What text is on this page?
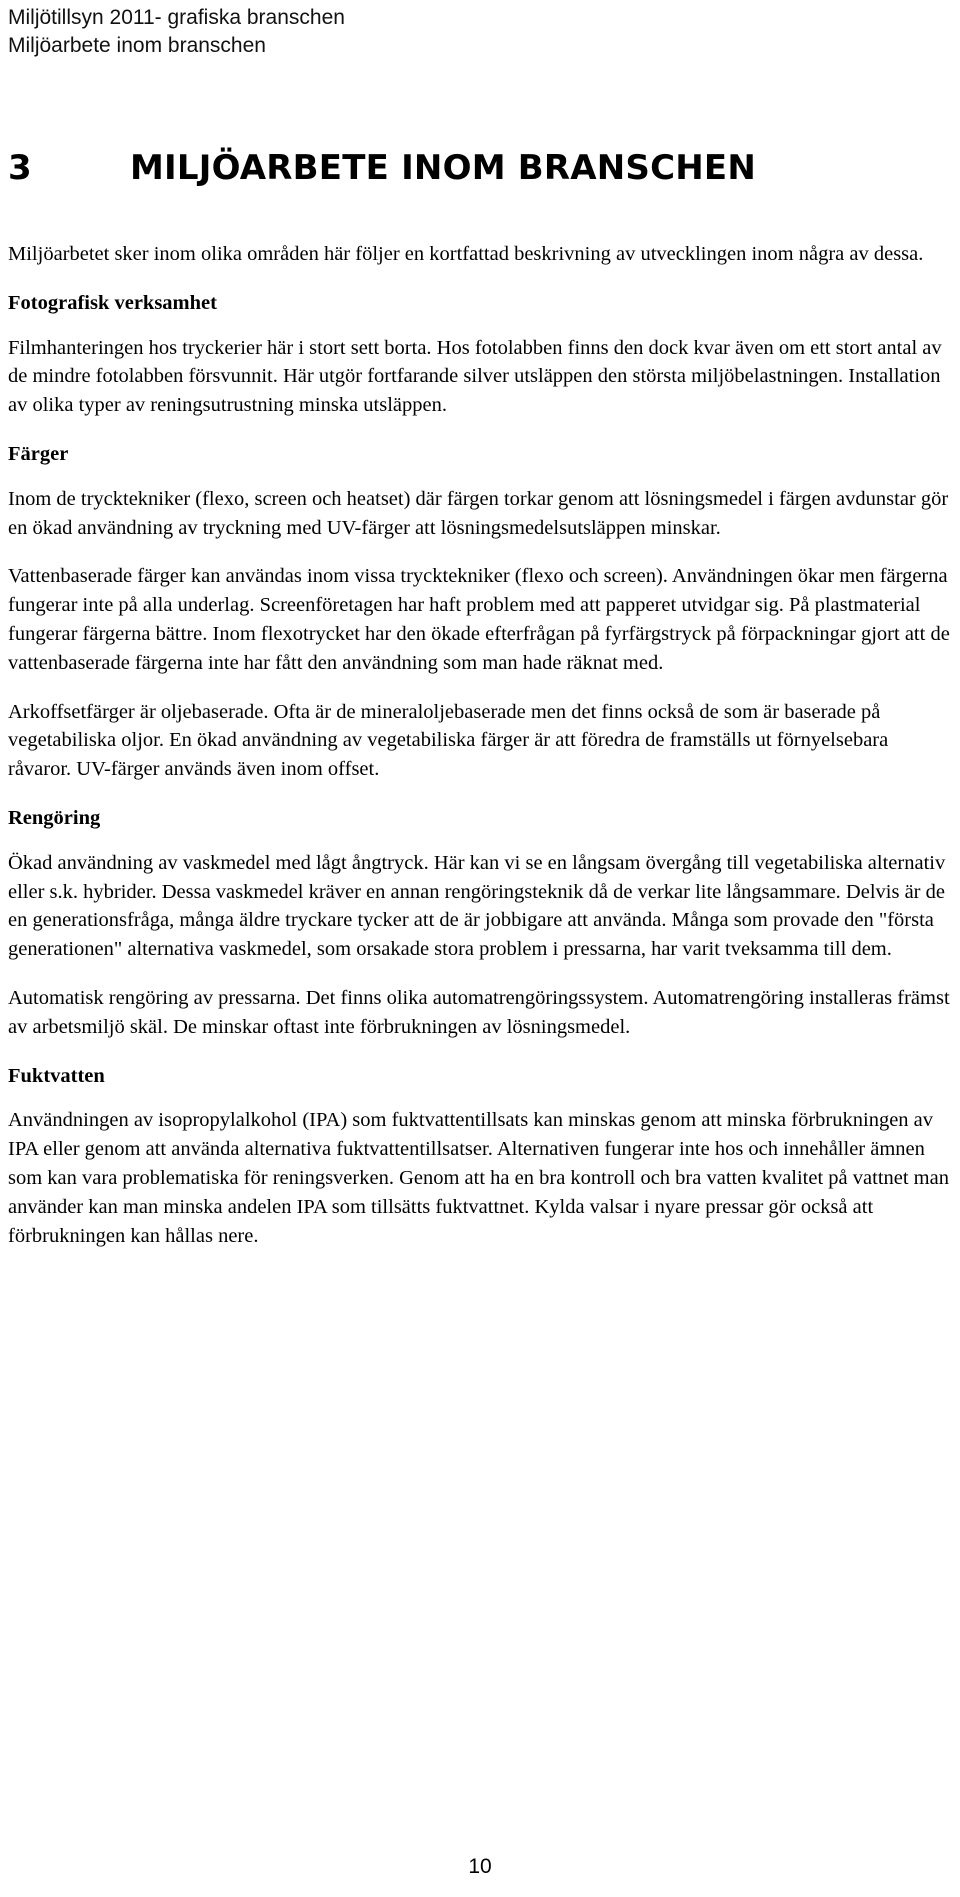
Miljötillsyn 2011- grafiska branschen
Miljöarbete inom branschen
3	MILJÖARBETE INOM BRANSCHEN

Miljöarbetet sker inom olika områden här följer en kortfattad beskrivning av utvecklingen inom några av dessa.

Fotografisk verksamhet

Filmhanteringen hos tryckerier här i stort sett borta. Hos fotolabben finns den dock kvar även om ett stort antal av de mindre fotolabben försvunnit. Här utgör fortfarande silver utsläppen den största miljöbelastningen. Installation av olika typer av reningsutrustning minska utsläppen.

Färger

Inom de trycktekniker (flexo, screen och heatset) där färgen torkar genom att lösningsmedel i färgen avdunstar gör en ökad användning av tryckning med UV-färger att lösningsmedelsutsläppen minskar.

Vattenbaserade färger kan användas inom vissa trycktekniker (flexo och screen). Användningen ökar men färgerna fungerar inte på alla underlag. Screenföretagen har haft problem med att papperet utvidgar sig. På plastmaterial fungerar färgerna bättre. Inom flexotrycket har den ökade efterfrågan på fyrfärgstryck på förpackningar gjort att de vattenbaserade färgerna inte har fått den användning som man hade räknat med.

Arkoffsetfärger är oljebaserade. Ofta är de mineraloljebaserade men det finns också de som är baserade på vegetabiliska oljor. En ökad användning av vegetabiliska färger är att föredra de framställs ut förnyelsebara råvaror. UV-färger används även inom offset.

Rengöring

Ökad användning av vaskmedel med lågt ångtryck. Här kan vi se en långsam övergång till vegetabiliska alternativ eller s.k. hybrider. Dessa vaskmedel kräver en annan rengöringsteknik då de verkar lite långsammare. Delvis är de en generationsfråga, många äldre tryckare tycker att de är jobbigare att använda. Många som provade den "första generationen" alternativa vaskmedel, som orsakade stora problem i pressarna, har varit tveksamma till dem.

Automatisk rengöring av pressarna. Det finns olika automatrengöringssystem. Automatrengöring installeras främst av arbetsmiljö skäl. De minskar oftast inte förbrukningen av lösningsmedel.

Fuktvatten

Användningen av isopropylalkohol (IPA) som fuktvattentillsats kan minskas genom att minska förbrukningen av IPA eller genom att använda alternativa fuktvattentillsatser. Alternativen fungerar inte hos och innehåller ämnen som kan vara problematiska för reningsverken. Genom att ha en bra kontroll och bra vatten kvalitet på vattnet man använder kan man minska andelen IPA som tillsätts fuktvattnet. Kylda valsar i nyare pressar gör också att förbrukningen kan hållas nere.

10
